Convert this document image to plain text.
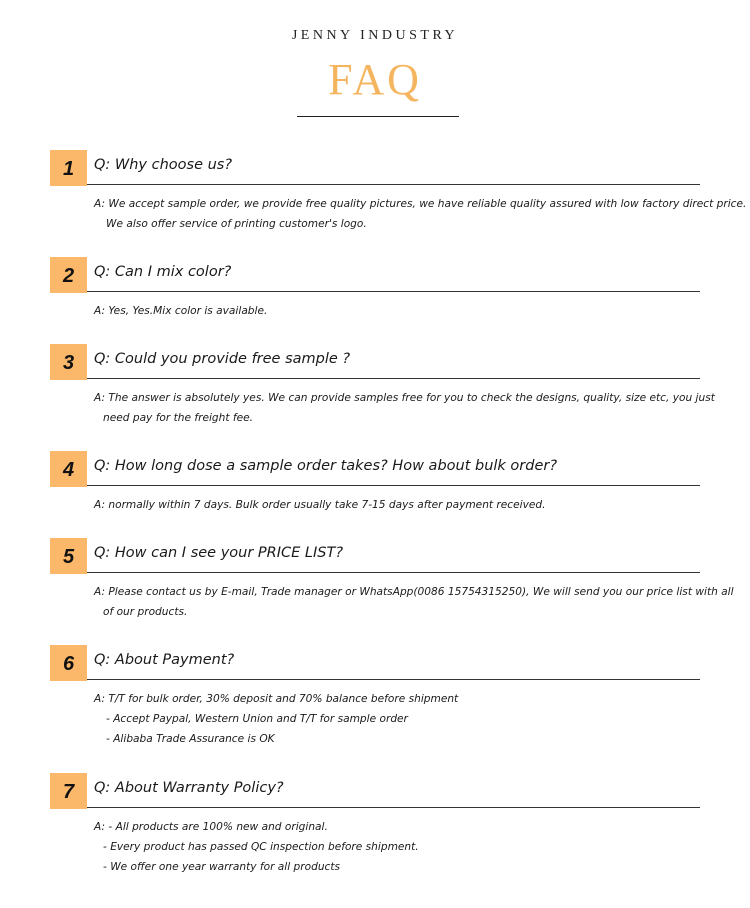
JENNY INDUSTRY
FAQ
1	Q: Why choose us?
A: We accept sample order, we provide free quality pictures, we have reliable quality assured with low factory direct price.
We also offer service of printing customer's logo.
2	Q: Can I mix color?
A: Yes, Yes.Mix color is available.
3	Q: Could you provide free sample ?
A: The answer is absolutely yes. We can provide samples free for you to check the designs, quality, size etc, you just
need pay for the freight fee.
4	Q: How long dose a sample order takes? How about bulk order?
A: normally within 7 days. Bulk order usually take 7-15 days after payment received.
5	Q: How can I see your PRICE LIST?
A: Please contact us by E-mail, Trade manager or WhatsApp(0086 15754315250), We will send you our price list with all
of our products.
6	Q: About Payment?
A: T/T for bulk order, 30% deposit and 70% balance before shipment
- Accept Paypal, Western Union and T/T for sample order
- Alibaba Trade Assurance is OK
7	Q: About Warranty Policy?
A: - All products are 100% new and original.
- Every product has passed QC inspection before shipment.
- We offer one year warranty for all products
